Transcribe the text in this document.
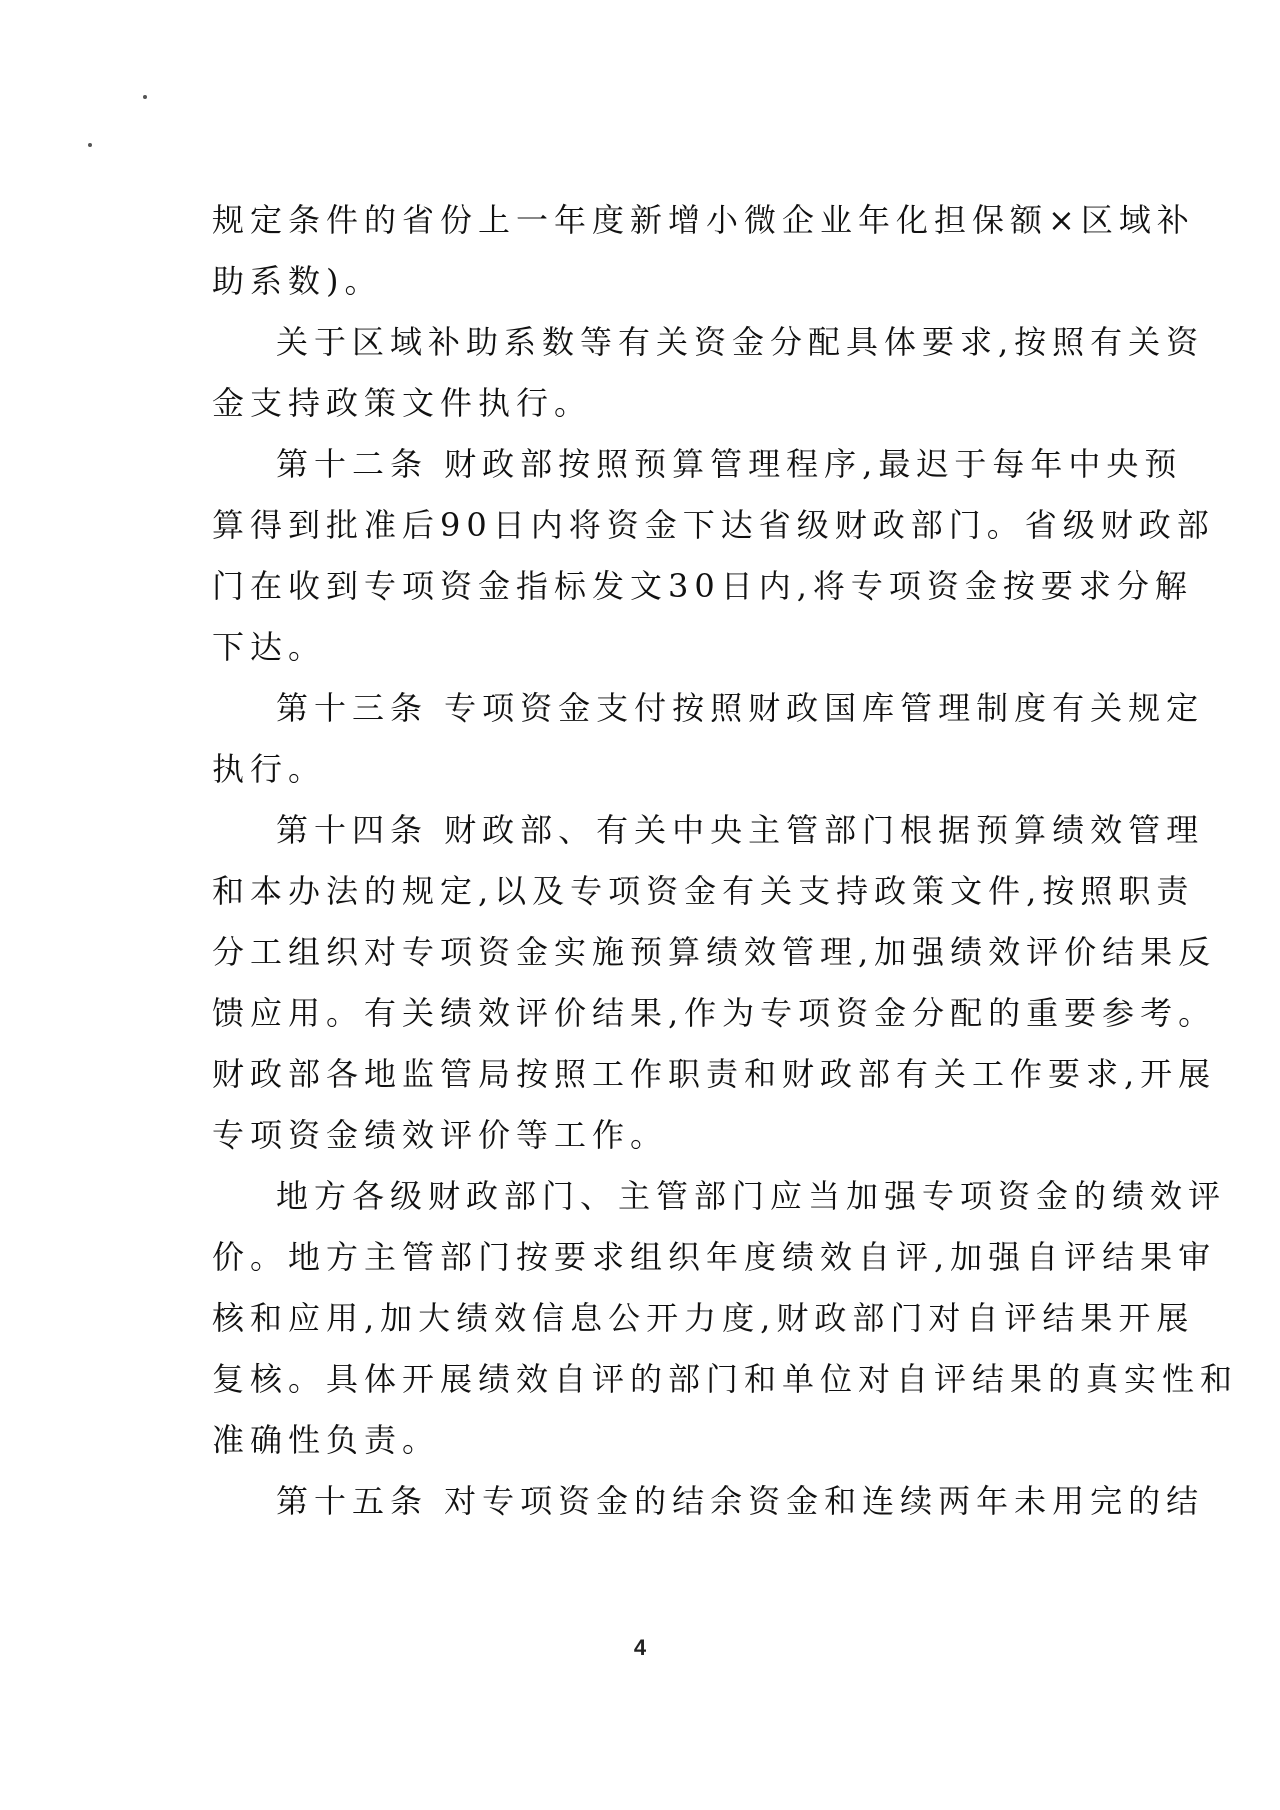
规定条件的省份上一年度新增小微企业年化担保额×区域补
助系数)。
关于区域补助系数等有关资金分配具体要求,按照有关资
金支持政策文件执行。
第十二条 财政部按照预算管理程序,最迟于每年中央预
算得到批准后90日内将资金下达省级财政部门。省级财政部
门在收到专项资金指标发文30日内,将专项资金按要求分解
下达。
第十三条 专项资金支付按照财政国库管理制度有关规定
执行。
第十四条 财政部、有关中央主管部门根据预算绩效管理
和本办法的规定,以及专项资金有关支持政策文件,按照职责
分工组织对专项资金实施预算绩效管理,加强绩效评价结果反
馈应用。有关绩效评价结果,作为专项资金分配的重要参考。
财政部各地监管局按照工作职责和财政部有关工作要求,开展
专项资金绩效评价等工作。
地方各级财政部门、主管部门应当加强专项资金的绩效评
价。地方主管部门按要求组织年度绩效自评,加强自评结果审
核和应用,加大绩效信息公开力度,财政部门对自评结果开展
复核。具体开展绩效自评的部门和单位对自评结果的真实性和
准确性负责。
第十五条 对专项资金的结余资金和连续两年未用完的结
4
